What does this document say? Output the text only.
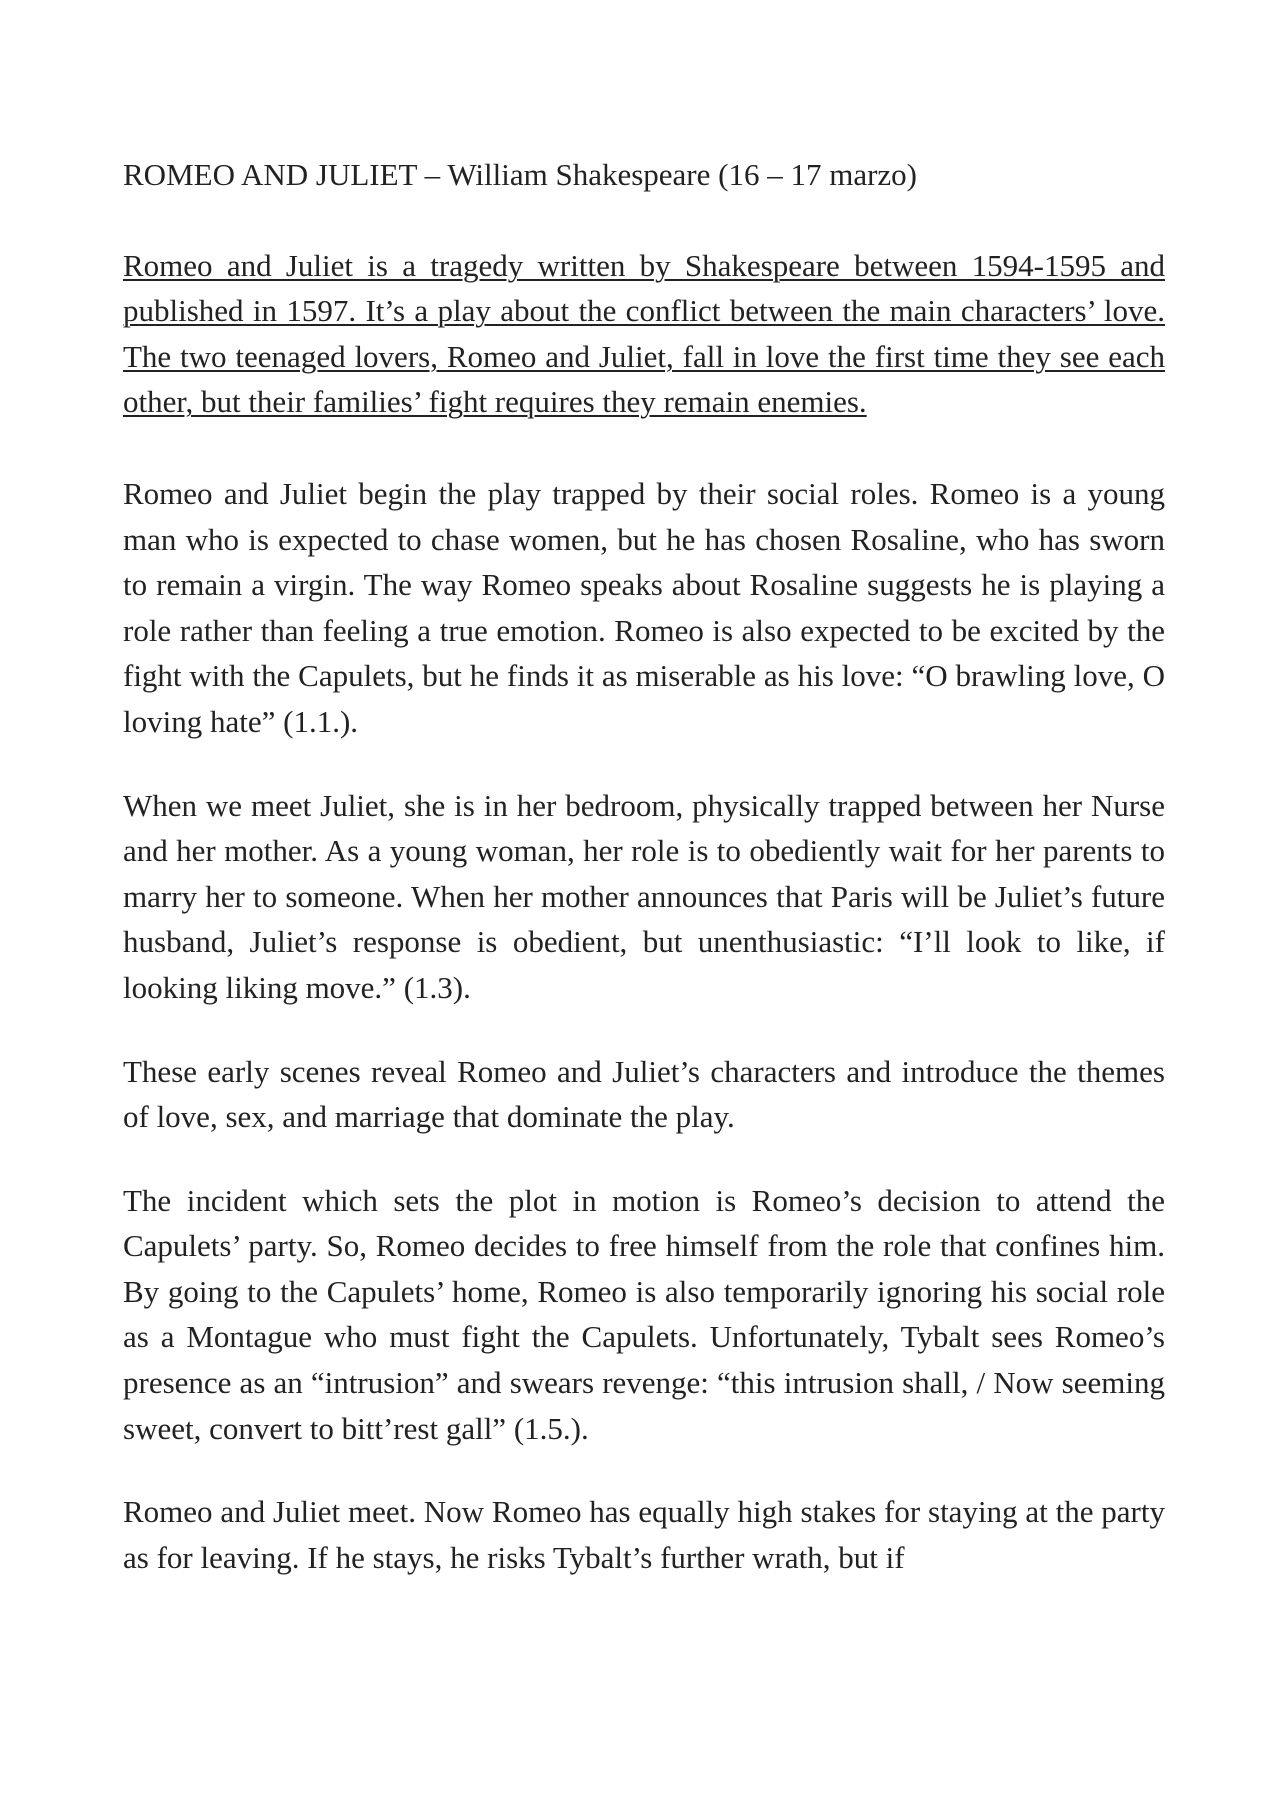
ROMEO AND JULIET – William Shakespeare (16 – 17 marzo)

Romeo and Juliet is a tragedy written by Shakespeare between 1594-1595 and published in 1597. It’s a play about the conflict between the main characters’ love. The two teenaged lovers, Romeo and Juliet, fall in love the first time they see each other, but their families’ fight requires they remain enemies.

Romeo and Juliet begin the play trapped by their social roles. Romeo is a young man who is expected to chase women, but he has chosen Rosaline, who has sworn to remain a virgin. The way Romeo speaks about Rosaline suggests he is playing a role rather than feeling a true emotion. Romeo is also expected to be excited by the fight with the Capulets, but he finds it as miserable as his love: “O brawling love, O loving hate” (1.1.).

When we meet Juliet, she is in her bedroom, physically trapped between her Nurse and her mother. As a young woman, her role is to obediently wait for her parents to marry her to someone. When her mother announces that Paris will be Juliet’s future husband, Juliet’s response is obedient, but unenthusiastic: “I’ll look to like, if looking liking move.” (1.3).

These early scenes reveal Romeo and Juliet’s characters and introduce the themes of love, sex, and marriage that dominate the play.

The incident which sets the plot in motion is Romeo’s decision to attend the Capulets’ party. So, Romeo decides to free himself from the role that confines him. By going to the Capulets’ home, Romeo is also temporarily ignoring his social role as a Montague who must fight the Capulets. Unfortunately, Tybalt sees Romeo’s presence as an “intrusion” and swears revenge: “this intrusion shall, / Now seeming sweet, convert to bitt’rest gall” (1.5.).

Romeo and Juliet meet. Now Romeo has equally high stakes for staying at the party as for leaving. If he stays, he risks Tybalt’s further wrath, but if
